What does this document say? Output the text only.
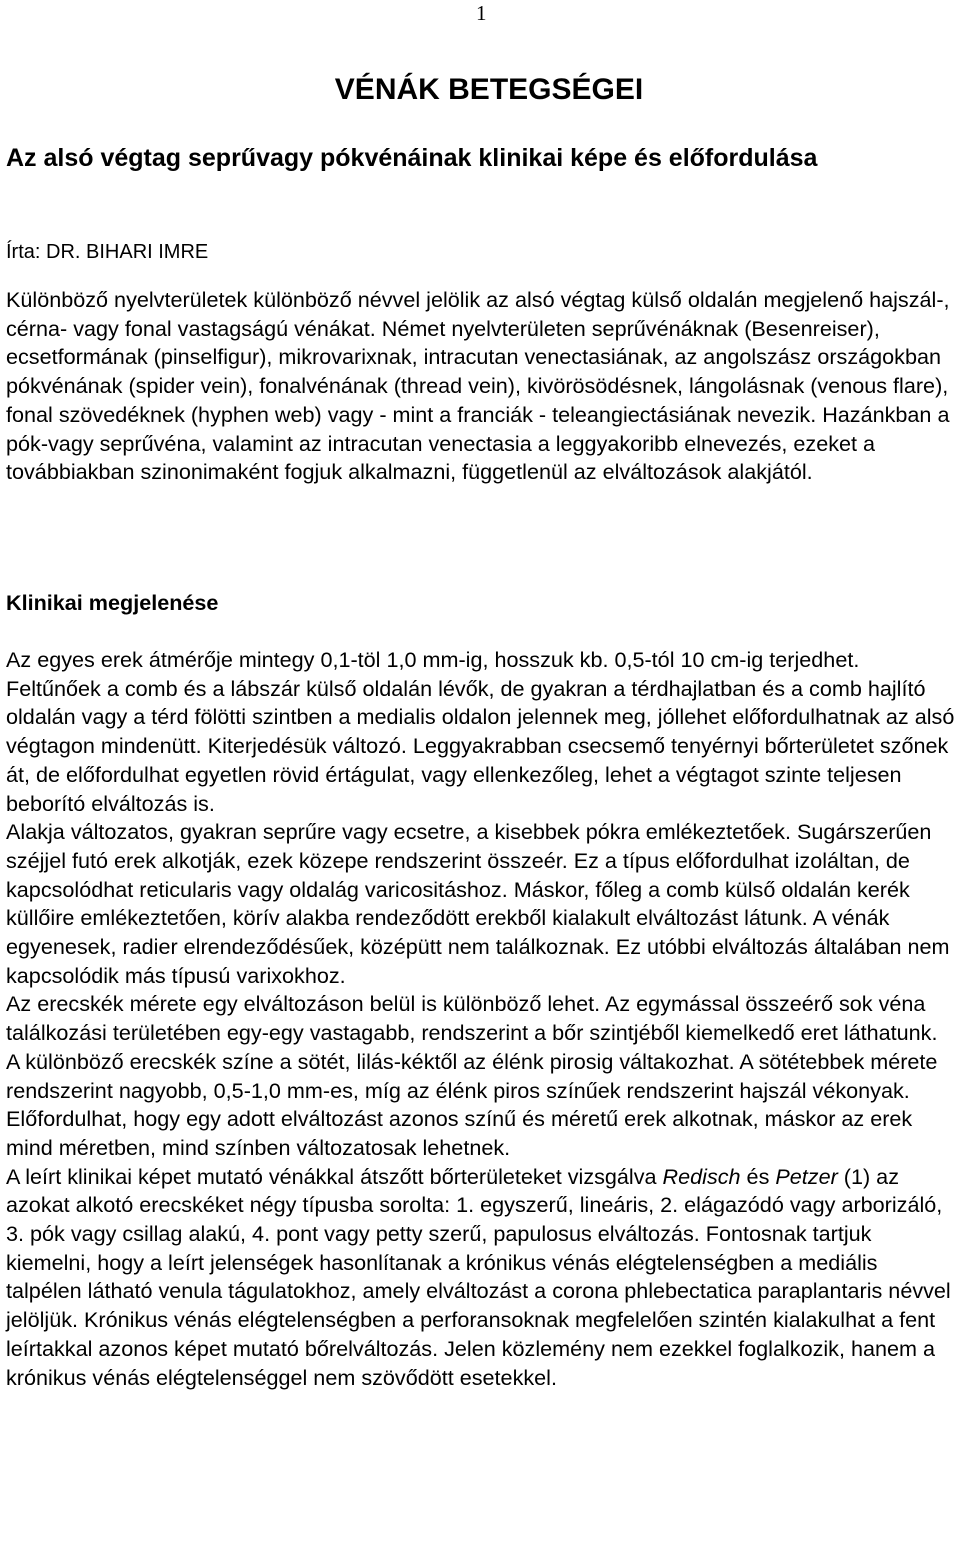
1
VÉNÁK BETEGSÉGEI
Az alsó végtag seprűvagy pókvénáinak klinikai képe és előfordulása

Írta: DR. BIHARI IMRE

Különböző nyelvterületek különböző névvel jelölik az alsó végtag külső oldalán megjelenő hajszál-, cérna- vagy fonal vastagságú vénákat. Német nyelvterületen seprűvénáknak (Besenreiser), ecsetformának (pinselfigur), mikrovarixnak, intracutan venectasiának, az angolszász országokban pókvénának (spider vein), fonalvénának (thread vein), kivörösödésnek, lángolásnak (venous flare), fonal szövedéknek (hyphen web) vagy - mint a franciák - teleangiectásiának nevezik. Hazánkban a pók-vagy seprűvéna, valamint az intracutan venectasia a leggyakoribb elnevezés, ezeket a továbbiakban szinonimaként fogjuk alkalmazni, függetlenül az elváltozások alakjától.

Klinikai megjelenése

Az egyes erek átmérője mintegy 0,1-töl 1,0 mm-ig, hosszuk kb. 0,5-tól 10 cm-ig terjedhet. Feltűnőek a comb és a lábszár külső oldalán lévők, de gyakran a térdhajlatban és a comb hajlító oldalán vagy a térd fölötti szintben a medialis oldalon jelennek meg, jóllehet előfordulhatnak az alsó végtagon mindenütt. Kiterjedésük változó. Leggyakrabban csecsemő tenyérnyi bőrterületet szőnek át, de előfordulhat egyetlen rövid értágulat, vagy ellenkezőleg, lehet a végtagot szinte teljesen beborító elváltozás is.

Alakja változatos, gyakran seprűre vagy ecsetre, a kisebbek pókra emlékeztetőek. Sugárszerűen széjjel futó erek alkotják, ezek közepe rendszerint összeér. Ez a típus előfordulhat izoláltan, de kapcsolódhat reticularis vagy oldalág varicositáshoz. Máskor, főleg a comb külső oldalán kerék küllőire emlékeztetően, körív alakba rendeződött erekből kialakult elváltozást látunk. A vénák egyenesek, radier elrendeződésűek, középütt nem találkoznak. Ez utóbbi elváltozás általában nem kapcsolódik más típusú varixokhoz.

Az erecskék mérete egy elváltozáson belül is különböző lehet. Az egymással összeérő sok véna találkozási területében egy-egy vastagabb, rendszerint a bőr szintjéből kiemelkedő eret láthatunk.

A különböző erecskék színe a sötét, lilás-kéktől az élénk pirosig váltakozhat. A sötétebbek mérete rendszerint nagyobb, 0,5-1,0 mm-es, míg az élénk piros színűek rendszerint hajszál vékonyak. Előfordulhat, hogy egy adott elváltozást azonos színű és méretű erek alkotnak, máskor az erek mind méretben, mind színben változatosak lehetnek.

A leírt klinikai képet mutató vénákkal átszőtt bőrterületeket vizsgálva Redisch és Petzer (1) az azokat alkotó erecskéket négy típusba sorolta: 1. egyszerű, lineáris, 2. elágazódó vagy arborizáló, 3. pók vagy csillag alakú, 4. pont vagy petty szerű, papulosus elváltozás. Fontosnak tartjuk kiemelni, hogy a leírt jelenségek hasonlítanak a krónikus vénás elégtelenségben a mediális talpélen látható venula tágulatokhoz, amely elváltozást a corona phlebectatica paraplantaris névvel jelöljük. Krónikus vénás elégtelenségben a perforansoknak megfelelően szintén kialakulhat a fent leírtakkal azonos képet mutató bőrelváltozás. Jelen közlemény nem ezekkel foglalkozik, hanem a krónikus vénás elégtelenséggel nem szövődött esetekkel.
